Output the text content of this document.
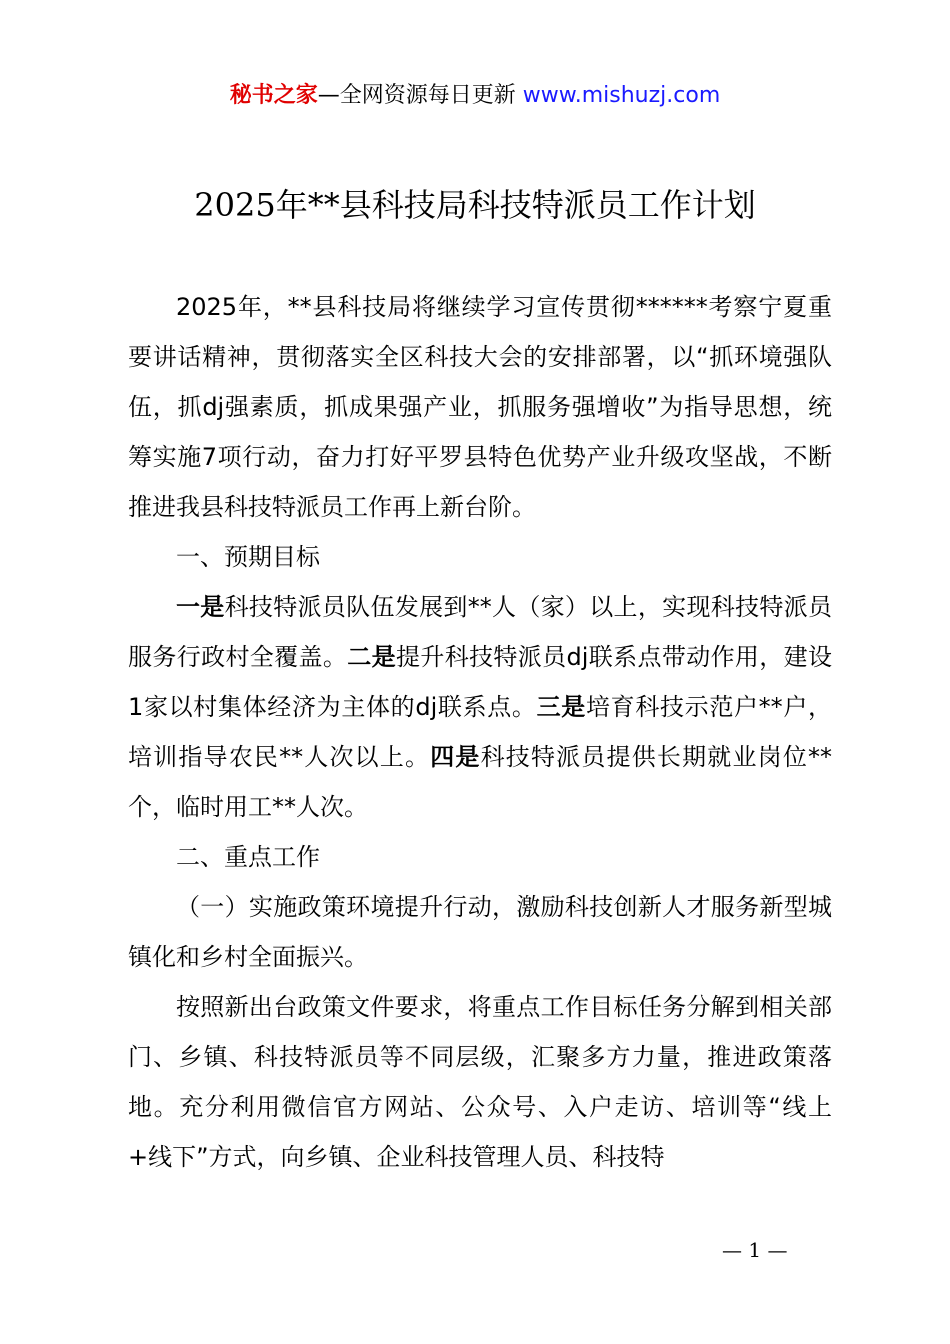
秘书之家—全网资源每日更新 www.mishuzj.com
2025年**县科技局科技特派员工作计划

2025年，**县科技局将继续学习宣传贯彻******考察宁夏重要讲话精神，贯彻落实全区科技大会的安排部署，以“抓环境强队伍，抓dj强素质，抓成果强产业，抓服务强增收”为指导思想，统筹实施7项行动，奋力打好平罗县特色优势产业升级攻坚战，不断推进我县科技特派员工作再上新台阶。

一、预期目标

一是科技特派员队伍发展到**人（家）以上，实现科技特派员服务行政村全覆盖。二是提升科技特派员dj联系点带动作用，建设1家以村集体经济为主体的dj联系点。三是培育科技示范户**户，培训指导农民**人次以上。四是科技特派员提供长期就业岗位**个，临时用工**人次。

二、重点工作

（一）实施政策环境提升行动，激励科技创新人才服务新型城镇化和乡村全面振兴。

按照新出台政策文件要求，将重点工作目标任务分解到相关部门、乡镇、科技特派员等不同层级，汇聚多方力量，推进政策落地。充分利用微信官方网站、公众号、入户走访、培训等“线上+线下”方式，向乡镇、企业科技管理人员、科技特

— 1 —
